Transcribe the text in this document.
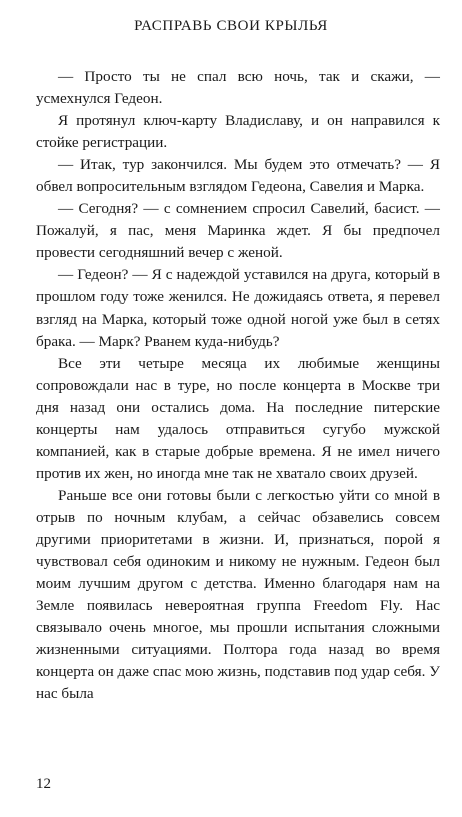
РАСПРАВЬ СВОИ КРЫЛЬЯ

— Просто ты не спал всю ночь, так и скажи, — усмехнулся Гедеон.

Я протянул ключ-карту Владиславу, и он направился к стойке регистрации.

— Итак, тур закончился. Мы будем это отмечать? — Я обвел вопросительным взглядом Гедеона, Савелия и Марка.

— Сегодня? — с сомнением спросил Савелий, басист. — Пожалуй, я пас, меня Маринка ждет. Я бы предпочел провести сегодняшний вечер с женой.

— Гедеон? — Я с надеждой уставился на друга, который в прошлом году тоже женился. Не дожидаясь ответа, я перевел взгляд на Марка, который тоже одной ногой уже был в сетях брака. — Марк? Рванем куда-нибудь?

Все эти четыре месяца их любимые женщины сопровождали нас в туре, но после концерта в Москве три дня назад они остались дома. На последние питерские концерты нам удалось отправиться сугубо мужской компанией, как в старые добрые времена. Я не имел ничего против их жен, но иногда мне так не хватало своих друзей.

Раньше все они готовы были с легкостью уйти со мной в отрыв по ночным клубам, а сейчас обзавелись совсем другими приоритетами в жизни. И, признаться, порой я чувствовал себя одиноким и никому не нужным. Гедеон был моим лучшим другом с детства. Именно благодаря нам на Земле появилась невероятная группа Freedom Fly. Нас связывало очень многое, мы прошли испытания сложными жизненными ситуациями. Полтора года назад во время концерта он даже спас мою жизнь, подставив под удар себя. У нас была

12
